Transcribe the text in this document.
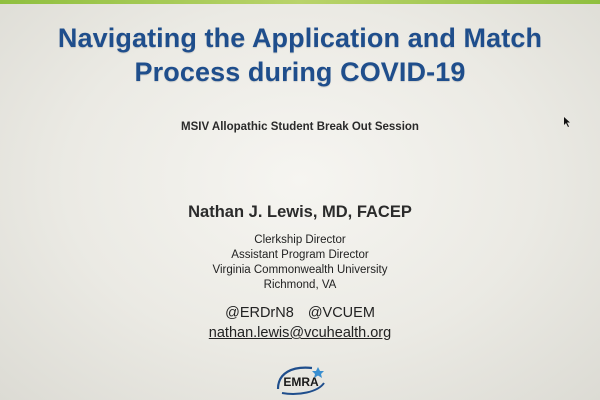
Navigating the Application and Match
Process during COVID-19
MSIV Allopathic Student Break Out Session
Nathan J. Lewis, MD, FACEP
Clerkship Director
Assistant Program Director
Virginia Commonwealth University
Richmond, VA
@ERDrN8 @VCUEM
nathan.lewis@vcuhealth.org
EMRA
